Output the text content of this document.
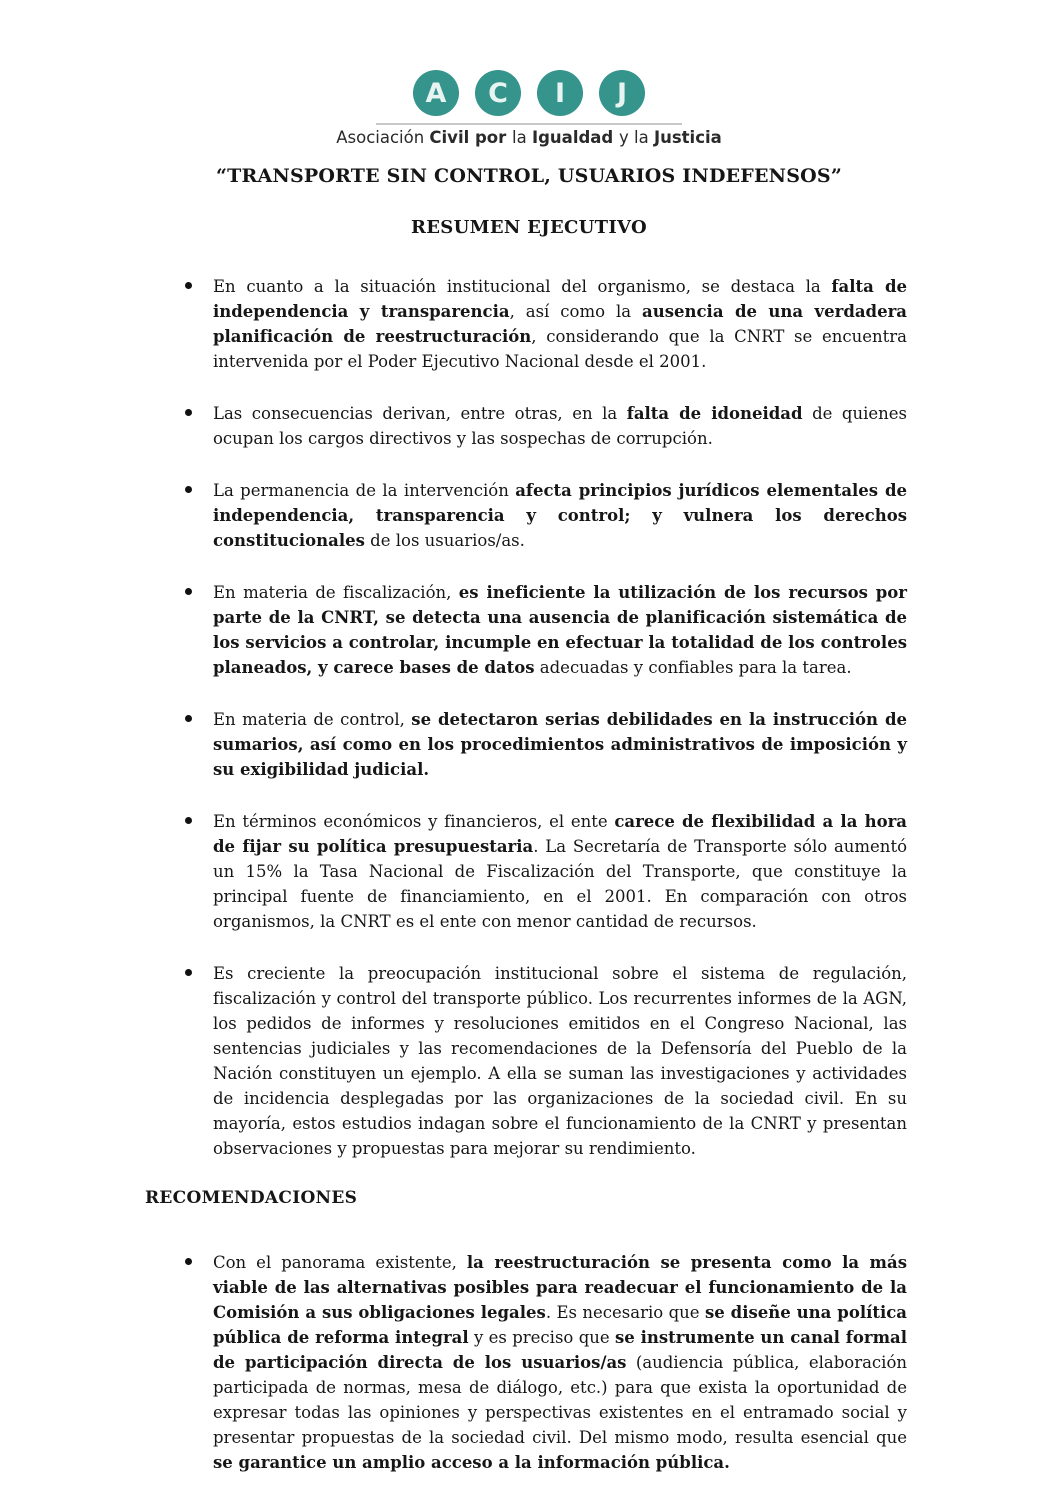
A	C	I	J
Asociación Civil por la Igualdad y la Justicia
“TRANSPORTE SIN CONTROL, USUARIOS INDEFENSOS”
RESUMEN EJECUTIVO
En cuanto a la situación institucional del organismo, se destaca la falta de independencia y transparencia, así como la ausencia de una verdadera planificación de reestructuración, considerando que la CNRT se encuentra intervenida por el Poder Ejecutivo Nacional desde el 2001.
Las consecuencias derivan, entre otras, en la falta de idoneidad de quienes ocupan los cargos directivos y las sospechas de corrupción.
La permanencia de la intervención afecta principios jurídicos elementales de independencia, transparencia y control; y vulnera los derechos constitucionales de los usuarios/as.
En materia de fiscalización, es ineficiente la utilización de los recursos por parte de la CNRT, se detecta una ausencia de planificación sistemática de los servicios a controlar, incumple en efectuar la totalidad de los controles planeados, y carece bases de datos adecuadas y confiables para la tarea.
En materia de control, se detectaron serias debilidades en la instrucción de sumarios, así como en los procedimientos administrativos de imposición y su exigibilidad judicial.
En términos económicos y financieros, el ente carece de flexibilidad a la hora de fijar su política presupuestaria. La Secretaría de Transporte sólo aumentó un 15% la Tasa Nacional de Fiscalización del Transporte, que constituye la principal fuente de financiamiento, en el 2001. En comparación con otros organismos, la CNRT es el ente con menor cantidad de recursos.
Es creciente la preocupación institucional sobre el sistema de regulación, fiscalización y control del transporte público. Los recurrentes informes de la AGN, los pedidos de informes y resoluciones emitidos en el Congreso Nacional, las sentencias judiciales y las recomendaciones de la Defensoría del Pueblo de la Nación constituyen un ejemplo. A ella se suman las investigaciones y actividades de incidencia desplegadas por las organizaciones de la sociedad civil. En su mayoría, estos estudios indagan sobre el funcionamiento de la CNRT y presentan observaciones y propuestas para mejorar su rendimiento.
RECOMENDACIONES
Con el panorama existente, la reestructuración se presenta como la más viable de las alternativas posibles para readecuar el funcionamiento de la Comisión a sus obligaciones legales. Es necesario que se diseñe una política pública de reforma integral y es preciso que se instrumente un canal formal de participación directa de los usuarios/as (audiencia pública, elaboración participada de normas, mesa de diálogo, etc.) para que exista la oportunidad de expresar todas las opiniones y perspectivas existentes en el entramado social y presentar propuestas de la sociedad civil. Del mismo modo, resulta esencial que se garantice un amplio acceso a la información pública.
